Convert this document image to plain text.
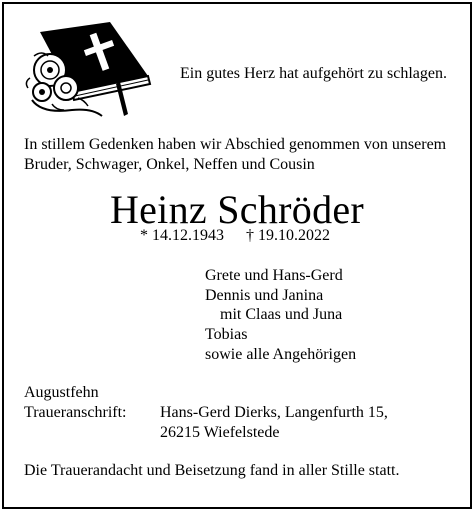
Ein gutes Herz hat aufgehört zu schlagen.
In stillem Gedenken haben wir Abschied genommen von unserem
Bruder, Schwager, Onkel, Neffen und Cousin
Heinz Schröder
* 14.12.1943 † 19.10.2022
Grete und Hans-Gerd
Dennis und Janina
mit Claas und Juna
Tobias
sowie alle Angehörigen
Augustfehn
Traueranschrift: Hans-Gerd Dierks, Langenfurth 15,
26215 Wiefelstede
Die Trauerandacht und Beisetzung fand in aller Stille statt.
